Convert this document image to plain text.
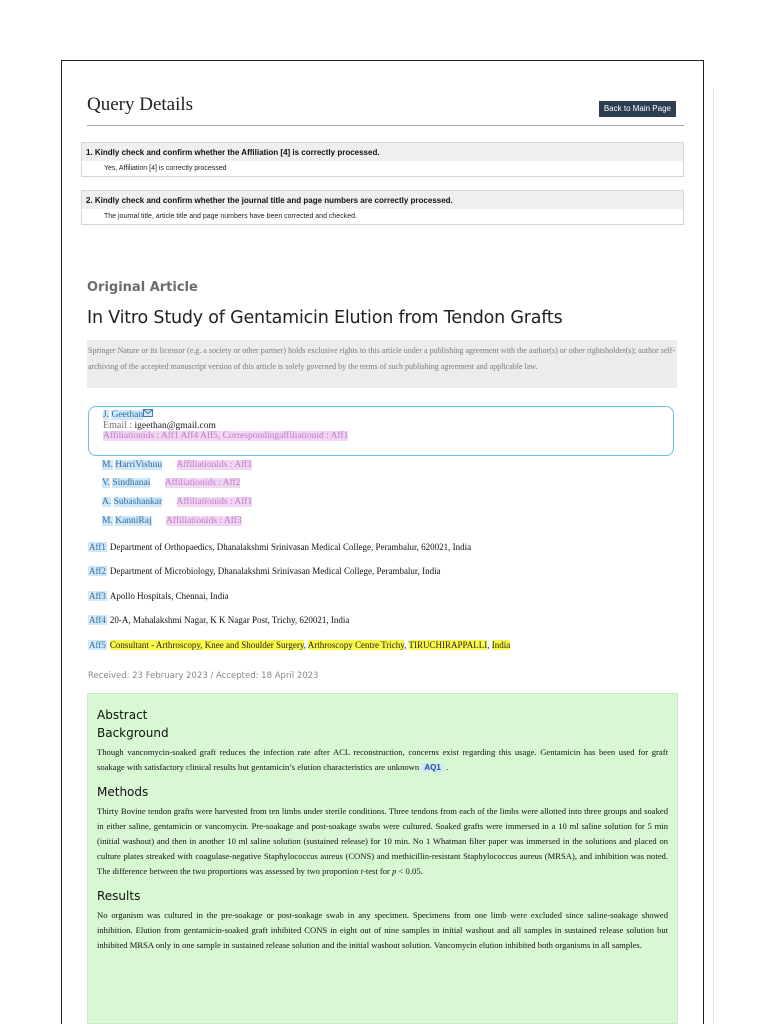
Query Details	Back to Main Page
1. Kindly check and confirm whether the Affiliation [4] is correctly processed.
Yes, Affiliation [4] is correctly processed
2. Kindly check and confirm whether the journal title and page numbers are correctly processed.
The journal title, article title and page numbers have been corrected and checked.
Original Article
In Vitro Study of Gentamicin Elution from Tendon Grafts
Springer Nature or its licensor (e.g. a society or other partner) holds exclusive rights to this article under a publishing agreement with the author(s) or other rightsholder(s); author self-archiving of the accepted manuscript version of this article is solely governed by the terms of such publishing agreement and applicable law.
J. Geethan
Email : igeethan@gmail.com
Affiliationids : Aff1 Aff4 Aff5, Correspondingaffiliationid : Aff1
M. HarriVishnu Affiliationids : Aff1
V. Sindhanai Affiliationids : Aff2
A. Subashankar Affiliationids : Aff1
M. KanniRaj Affiliationids : Aff3
Aff1 Department of Orthopaedics, Dhanalakshmi Srinivasan Medical College, Perambalur, 620021, India
Aff2 Department of Microbiology, Dhanalakshmi Srinivasan Medical College, Perambalur, India
Aff3 Apollo Hospitals, Chennai, India
Aff4 20-A, Mahalakshmi Nagar, K K Nagar Post, Trichy, 620021, India
Aff5 Consultant - Arthroscopy, Knee and Shoulder Surgery, Arthroscopy Centre Trichy, TIRUCHIRAPPALLI, India
Received: 23 February 2023 / Accepted: 18 April 2023
Abstract
Background

Though vancomycin-soaked graft reduces the infection rate after ACL reconstruction, concerns exist regarding this usage. Gentamicin has been used for graft soakage with satisfactory clinical results but gentamicin’s elution characteristics are unknown AQ1 .

Methods

Thirty Bovine tendon grafts were harvested from ten limbs under sterile conditions. Three tendons from each of the limbs were allotted into three groups and soaked in either saline, gentamicin or vancomycin. Pre-soakage and post-soakage swabs were cultured. Soaked grafts were immersed in a 10 ml saline solution for 5 min (initial washout) and then in another 10 ml saline solution (sustained release) for 10 min. No 1 Whatman filter paper was immersed in the solutions and placed on culture plates streaked with coagulase-negative Staphylococcus aureus (CONS) and methicillin-resistant Staphylococcus aureus (MRSA), and inhibition was noted. The difference between the two proportions was assessed by two proportion t-test for p < 0.05.

Results

No organism was cultured in the pre-soakage or post-soakage swab in any specimen. Specimens from one limb were excluded since saline-soakage showed inhibition. Elution from gentamicin-soaked graft inhibited CONS in eight out of nine samples in initial washout and all samples in sustained release solution but inhibited MRSA only in one sample in sustained release solution and the initial washout solution. Vancomycin elution inhibited both organisms in all samples.
